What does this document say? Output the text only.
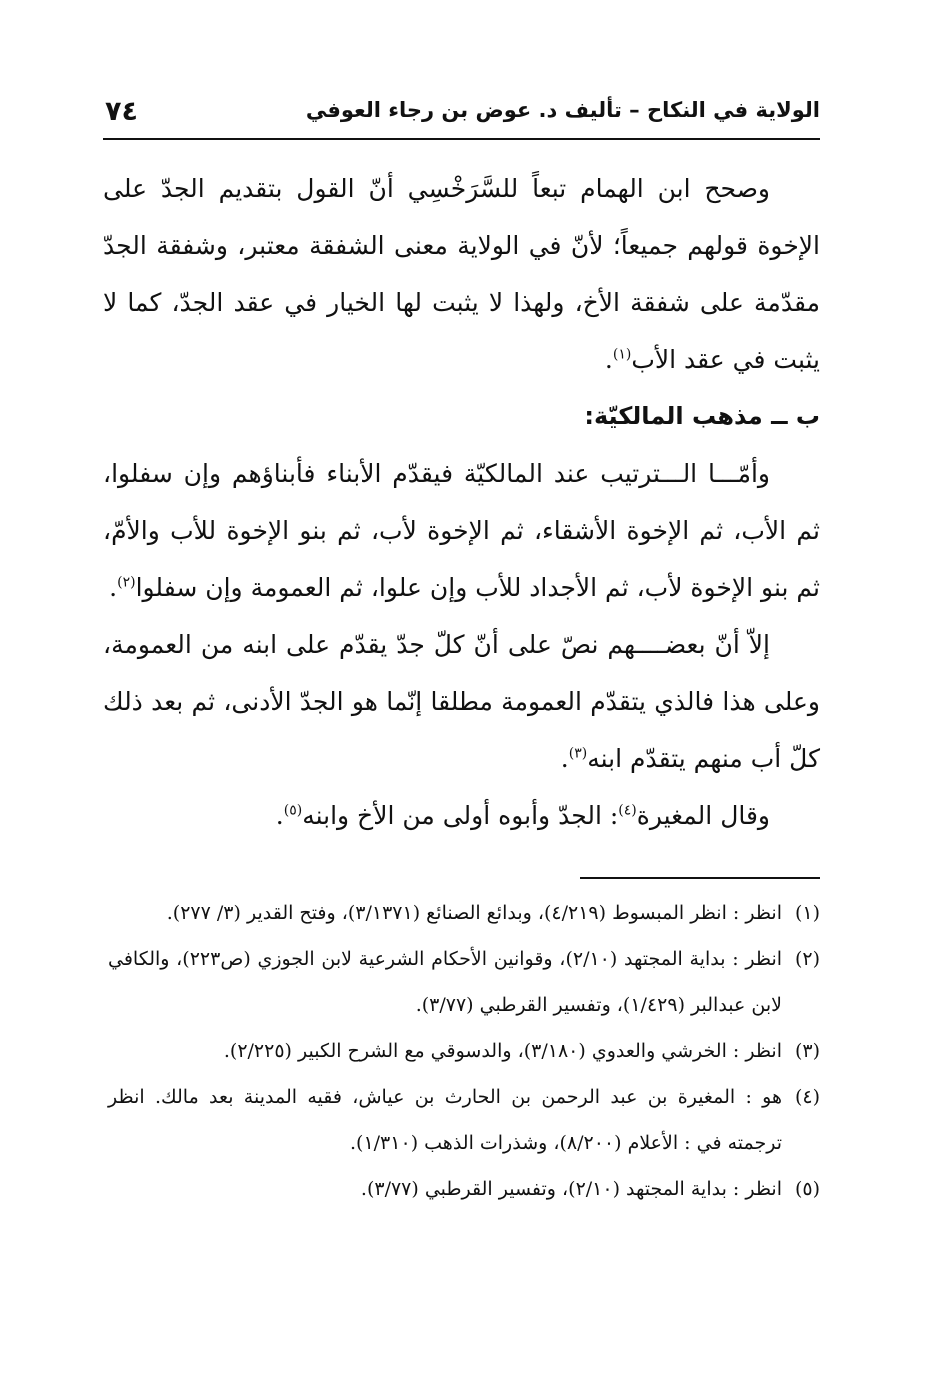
الولاية في النكاح – تأليف د. عوض بن رجاء العوفي
٧٤

وصحح ابن الهمام تبعاً للسَّرَخْسِي أنّ القول بتقديم الجدّ على الإخوة قولهم جميعاً؛ لأنّ في الولاية معنى الشفقة معتبر، وشفقة الجدّ مقدّمة على شفقة الأخ، ولهذا لا يثبت لها الخيار في عقد الجدّ، كما لا يثبت في عقد الأب$^{(١)}$.

ب ــ مذهب المالكيّة:

وأمّـــا الـــترتيب عند المالكيّة فيقدّم الأبناء فأبناؤهم وإن سفلوا، ثم الأب، ثم الإخوة الأشقاء، ثم الإخوة لأب، ثم بنو الإخوة للأب والأمّ، ثم بنو الإخوة لأب، ثم الأجداد للأب وإن علوا، ثم العمومة وإن سفلوا$^{(٢)}$.

إلاّ أنّ بعضــــهم نصّ على أنّ كلّ جدّ يقدّم على ابنه من العمومة، وعلى هذا فالذي يتقدّم العمومة مطلقا إنّما هو الجدّ الأدنى، ثم بعد ذلك كلّ أب منهم يتقدّم ابنه$^{(٣)}$.

وقال المغيرة$^{(٤)}$: الجدّ وأبوه أولى من الأخ وابنه$^{(٥)}$.

(١)
انظر : انظر المبسوط (٤/٢١٩)، وبدائع الصنائع (٣/١٣٧١)، وفتح القدير (٣/ ٢٧٧).
(٢)
انظر : بداية المجتهد (٢/١٠)، وقوانين الأحكام الشرعية لابن الجوزي (ص٢٢٣)، والكافي لابن عبدالبر (١/٤٢٩)، وتفسير القرطبي (٣/٧٧).
(٣)
انظر : الخرشي والعدوي (٣/١٨٠)، والدسوقي مع الشرح الكبير (٢/٢٢٥).
(٤)
هو : المغيرة بن عبد الرحمن بن الحارث بن عياش، فقيه المدينة بعد مالك. انظر ترجمته في : الأعلام (٨/٢٠٠)، وشذرات الذهب (١/٣١٠).
(٥)
انظر : بداية المجتهد (٢/١٠)، وتفسير القرطبي (٣/٧٧).
